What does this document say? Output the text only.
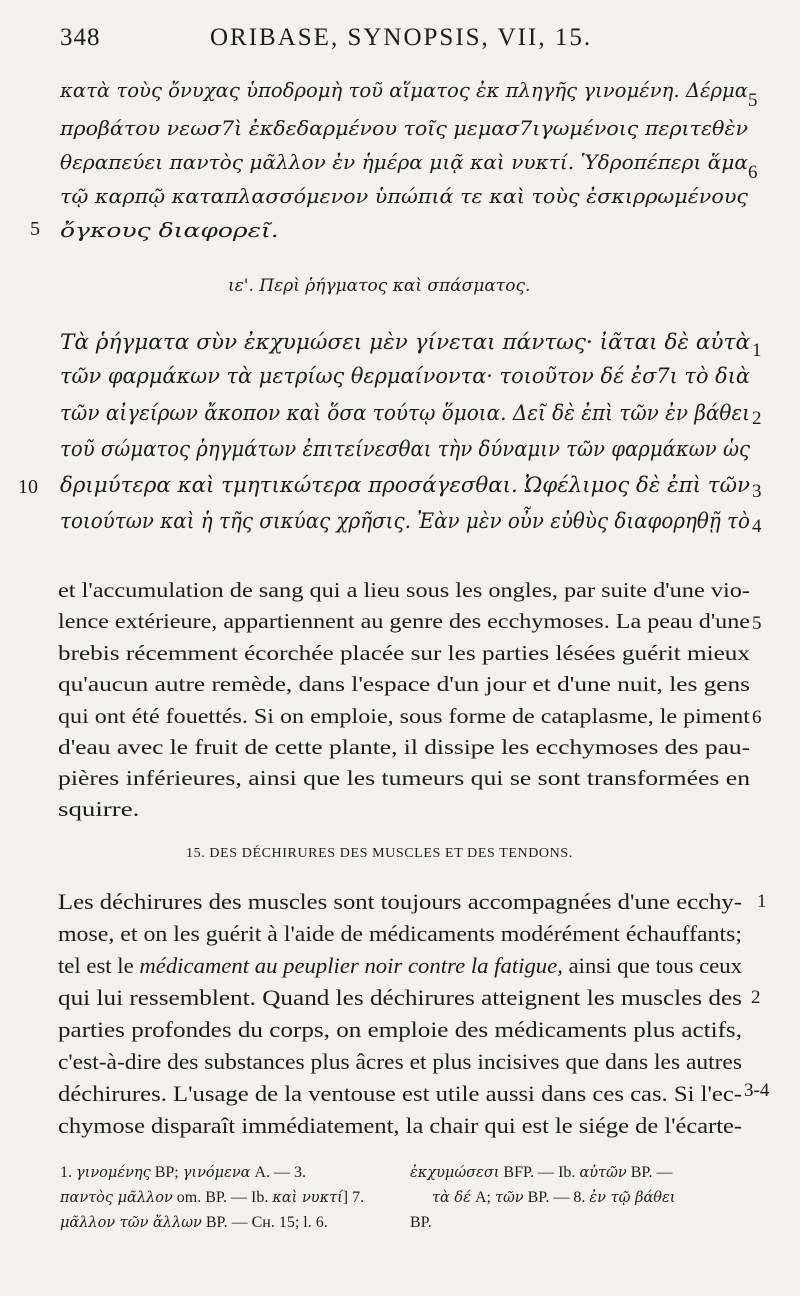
348	ORIBASE, SYNOPSIS, VII, 15.
κατὰ τοὺς ὄνυχας ὑποδρομὴ τοῦ αἵματος ἐκ πληγῆς γινομένη. Δέρμα
προβάτου νεωσ7ὶ ἐκδεδαρμένου τοῖς μεμασ7ιγωμένοις περιτεθὲν
θεραπεύει παντὸς μᾶλλον ἐν ἡμέρα μιᾷ καὶ νυκτί. Ὑδροπέπερι ἅμα
τῷ καρπῷ καταπλασσόμενον ὑπώπιά τε καὶ τοὺς ἐσκιρρωμένους
ὄγκους διαφορεῖ.
5
6
5
ιε'. Περὶ ῥήγματος καὶ σπάσματος.
Τὰ ῥήγματα σὺν ἐκχυμώσει μὲν γίνεται πάντως· ἰᾶται δὲ αὐτὰ
τῶν φαρμάκων τὰ μετρίως θερμαίνοντα· τοιοῦτον δέ ἐσ7ι τὸ διὰ
τῶν αἰγείρων ἄκοπον καὶ ὅσα τούτῳ ὅμοια. Δεῖ δὲ ἐπὶ τῶν ἐν βάθει
τοῦ σώματος ῥηγμάτων ἐπιτείνεσθαι τὴν δύναμιν τῶν φαρμάκων ὡς
δριμύτερα καὶ τμητικώτερα προσάγεσθαι. Ὠφέλιμος δὲ ἐπὶ τῶν
τοιούτων καὶ ἡ τῆς σικύας χρῆσις. Ἐὰν μὲν οὖν εὐθὺς διαφορηθῇ τὸ
1
2
3
4
10
et l'accumulation de sang qui a lieu sous les ongles, par suite d'une vio-
lence extérieure, appartiennent au genre des ecchymoses. La peau d'une
brebis récemment écorchée placée sur les parties lésées guérit mieux
qu'aucun autre remède, dans l'espace d'un jour et d'une nuit, les gens
qui ont été fouettés. Si on emploie, sous forme de cataplasme, le piment
d'eau avec le fruit de cette plante, il dissipe les ecchymoses des pau-
pières inférieures, ainsi que les tumeurs qui se sont transformées en
squirre.
5
6
15. DES DÉCHIRURES DES MUSCLES ET DES TENDONS.
Les déchirures des muscles sont toujours accompagnées d'une ecchy-
mose, et on les guérit à l'aide de médicaments modérément échauffants;
tel est le médicament au peuplier noir contre la fatigue, ainsi que tous ceux
qui lui ressemblent. Quand les déchirures atteignent les muscles des
parties profondes du corps, on emploie des médicaments plus actifs,
c'est-à-dire des substances plus âcres et plus incisives que dans les autres
déchirures. L'usage de la ventouse est utile aussi dans ces cas. Si l'ec-
chymose disparaît immédiatement, la chair qui est le siége de l'écarte-
1
2
3-4
1. γινομένης BP; γινόμενα A. — 3.	ἐκχυμώσεσι BFP. — Ib. αὐτῶν BP. —
παντὸς μᾶλλον om. BP. — Ib. καὶ νυκτί] 7.	τὰ δέ A; τῶν BP. — 8. ἐν τῷ βάθει
μᾶλλον τῶν ἄλλων BP. — Cн. 15; l. 6.	BP.
